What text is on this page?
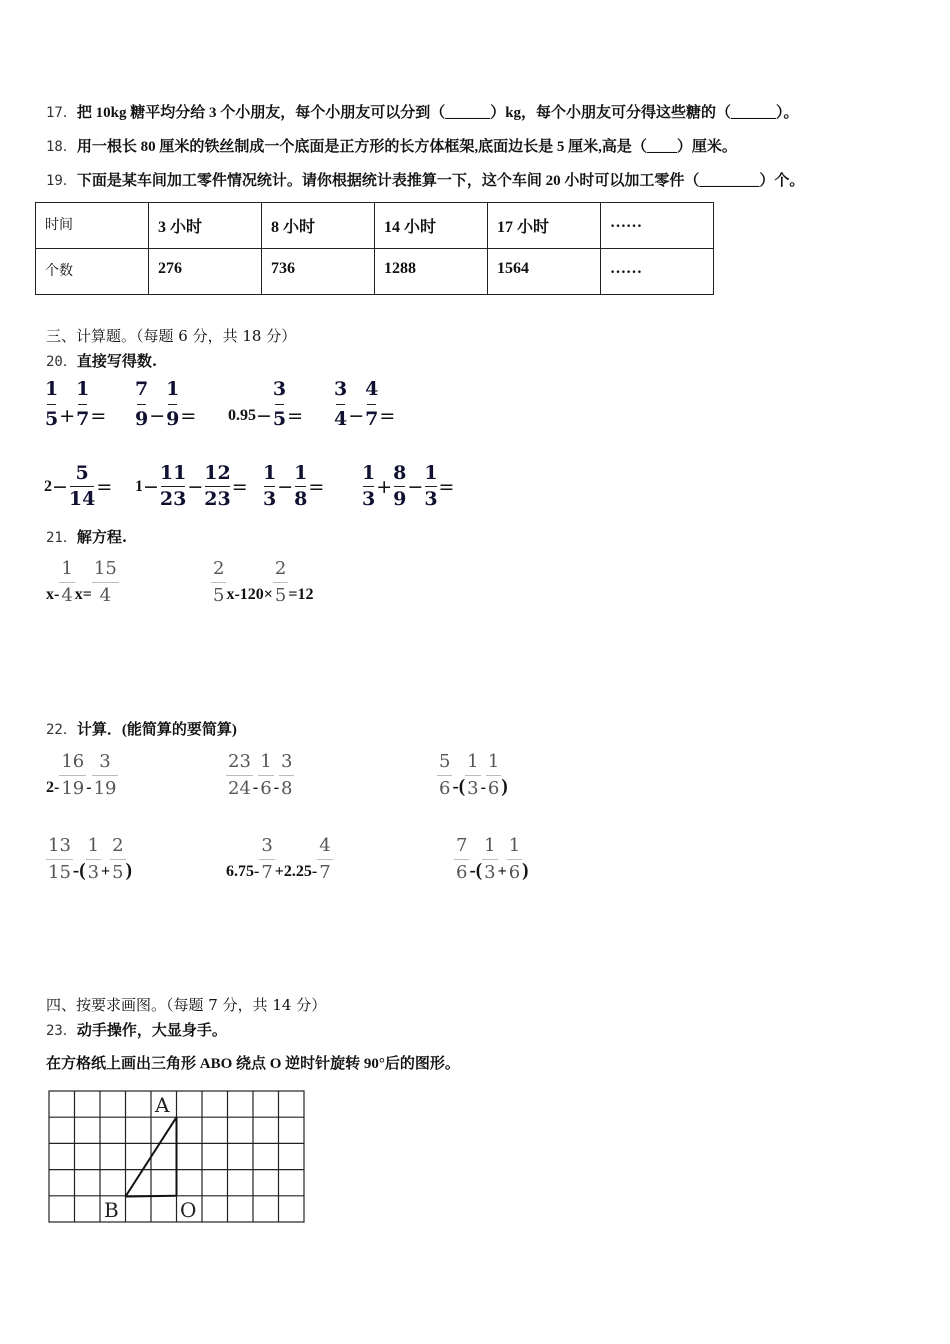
17．把 10kg 糖平均分给 3 个小朋友，每个小朋友可以分到（______）kg，每个小朋友可分得这些糖的（______）。
18．用一根长 80 厘米的铁丝制成一个底面是正方形的长方体框架,底面边长是 5 厘米,高是（____）厘米。
19．下面是某车间加工零件情况统计。请你根据统计表推算一下，这个车间 20 小时可以加工零件（________）个。
时间	3 小时	8 小时	14 小时	17 小时	……
个数	276	736	1288	1564	……
三、计算题。（每题 6 分，共 18 分）
20．直接写得数.
1
5 +
1
7 =
7
9 −
1
9 = 0.95 −
3
5 =
3
4 −
4
7 =
2 −
5
14
= 1 −
11
23
−
12
23
=
1
3
−
1
8
=
1
3
+
8
9
−
1
3
=
21．解方程.
x-
1
4 x=
15
4
2
5 x-120×
2
5 =12
22．计算．(能简算的要简算)
2-
16
19 -
3
19
23
24 -
1
6 -
3
8
5
6 -(
1
3 -
1
6 )
13
15 -(
1
3 +
2
5 )	6.75-
3
7 +2.25-
4
7
7
6 -(
1
3 +
1
6 )
四、按要求画图。（每题 7 分，共 14 分）
23．动手操作，大显身手。
在方格纸上画出三角形 ABO 绕点 O 逆时针旋转 90°后的图形。
A
B	O
